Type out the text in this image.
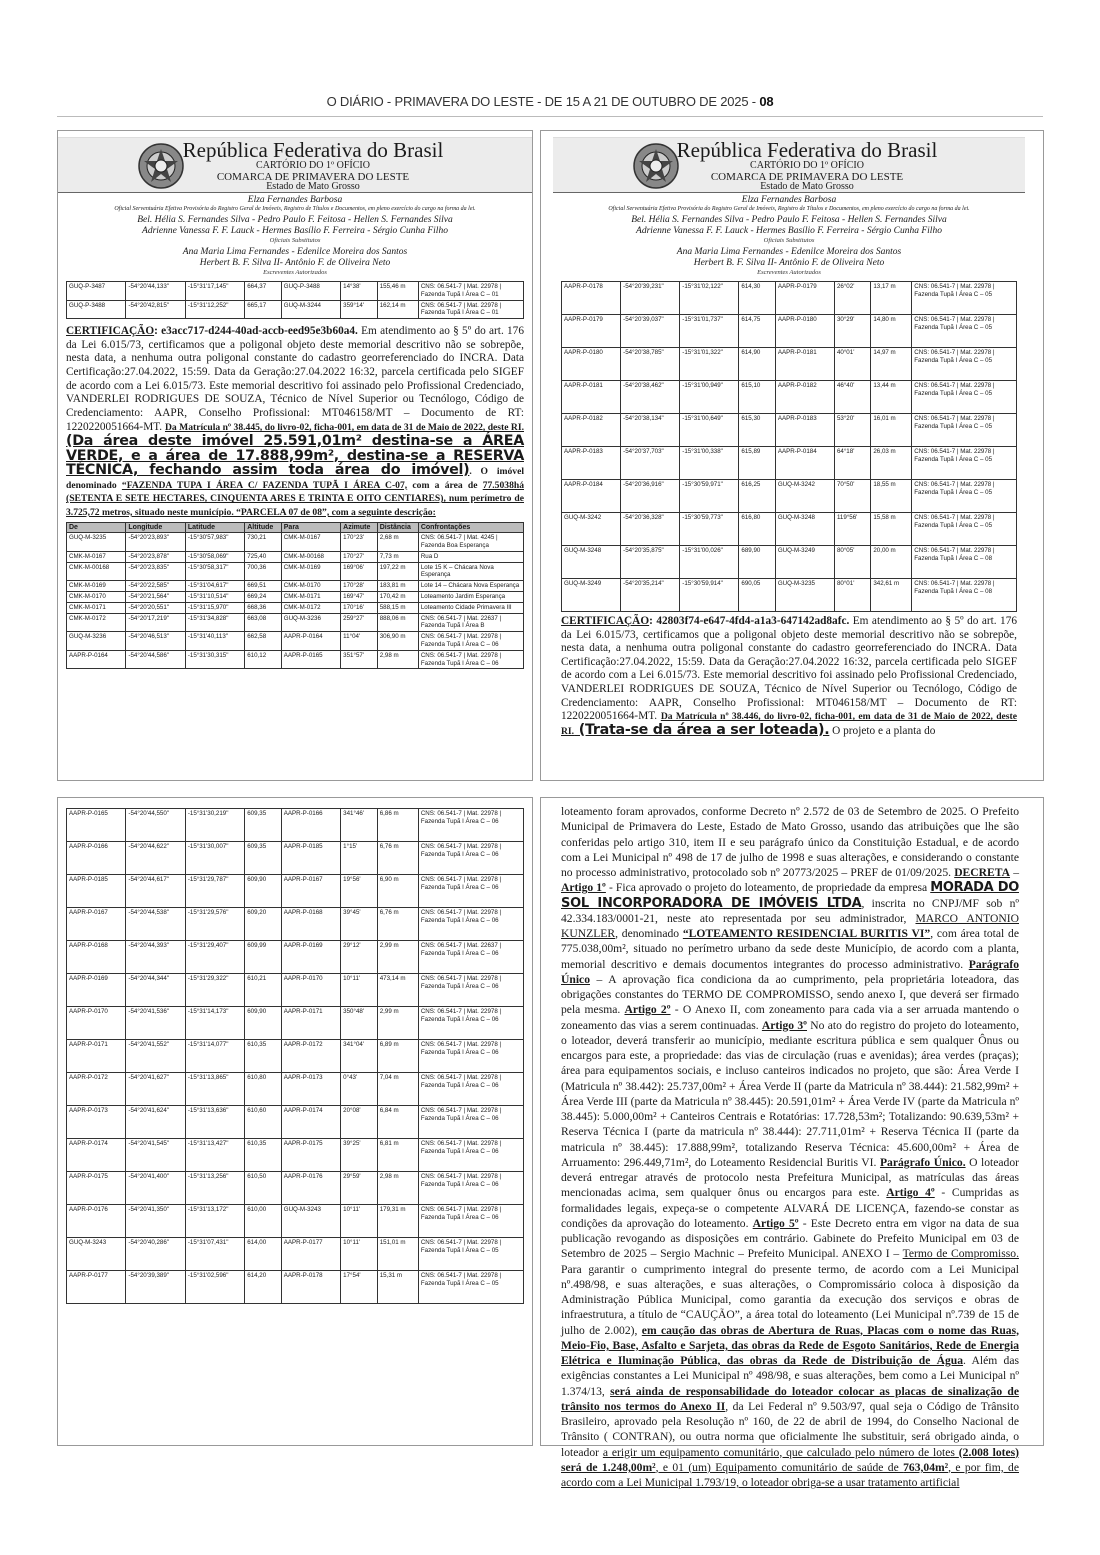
O DIÁRIO - PRIMAVERA DO LESTE - DE 15 A 21 DE OUTUBRO DE 2025 - 08
República Federativa do Brasil
CARTÓRIO DO 1º OFÍCIO
COMARCA DE PRIMAVERA DO LESTE
Estado de Mato Grosso
Elza Fernandes Barbosa
Oficial Serventuária Efetiva Provisória do Registro Geral de Imóveis, Registro de Títulos e Documentos, em pleno exercício do cargo na forma da lei.
Bel. Hélia S. Fernandes Silva - Pedro Paulo F. Feitosa - Hellen S. Fernandes Silva
Adrienne Vanessa F. F. Lauck - Hermes Basílio F. Ferreira - Sérgio Cunha Filho
Oficiais Substitutos
Ana Maria Lima Fernandes - Edenilce Moreira dos Santos
Herbert B. F. Silva II- Antônio F. de Oliveira Neto
Escreventes Autorizados
GUQ-P-3487	-54°20'44,133"	-15°31'17,145"	664,37	GUQ-P-3488	14°38'	155,46 m	CNS: 06.541-7 | Mat. 22978 | Fazenda Tupã I Área C – 01
GUQ-P-3488	-54°20'42,815"	-15°31'12,252"	665,17	GUQ-M-3244	359°14'	162,14 m	CNS: 06.541-7 | Mat. 22978 | Fazenda Tupã I Área C – 01

CERTIFICAÇÃO: e3acc717-d244-40ad-accb-eed95e3b60a4. Em atendimento ao § 5º do art. 176 da Lei 6.015/73, certificamos que a poligonal objeto deste memorial descritivo não se sobrepõe, nesta data, a nenhuma outra poligonal constante do cadastro georreferenciado do INCRA. Data Certificação:27.04.2022, 15:59. Data da Geração:27.04.2022 16:32, parcela certificada pelo SIGEF de acordo com a Lei 6.015/73. Este memorial descritivo foi assinado pelo Profissional Credenciado, VANDERLEI RODRIGUES DE SOUZA, Técnico de Nível Superior ou Tecnólogo, Código de Credenciamento: AAPR, Conselho Profissional: MT046158/MT – Documento de RT: 1220220051664-MT. Da Matrícula nº 38.445, do livro-02, ficha-001, em data de 31 de Maio de 2022, deste RI. (Da área deste imóvel 25.591,01m² destina-se a ÁREA VERDE, e a área de 17.888,99m², destina-se a RESERVA TÉCNICA, fechando assim toda área do imóvel). O imóvel denominado “FAZENDA TUPA I ÁREA C/ FAZENDA TUPÃ I ÁREA C-07, com a área de 77.5038há (SETENTA E SETE HECTARES, CINQUENTA ARES E TRINTA E OITO CENTIARES), num perímetro de 3.725,72 metros, situado neste município. “PARCELA 07 de 08”, com a seguinte descrição:

De	Longitude	Latitude	Altitude	Para	Azimute	Distância	Confrontações
GUQ-M-3235	-54°20'23,893"	-15°30'57,983"	730,21	CMK-M-0167	170°23'	2,68 m	CNS: 06.541-7 | Mat. 4245 | Fazenda Boa Esperança
CMK-M-0167	-54°20'23,878"	-15°30'58,069"	725,40	CMK-M-00168	170°27'	7,73 m	Rua D
CMK-M-00168	-54°20'23,835"	-15°30'58,317"	700,36	CMK-M-0169	169°06'	197,22 m	Lote 15 K – Chácara Nova Esperança
CMK-M-0169	-54°20'22,585"	-15°31'04,617"	669,51	CMK-M-0170	170°28'	183,81 m	Lote 14 – Chácara Nova Esperança
CMK-M-0170	-54°20'21,564"	-15°31'10,514"	669,24	CMK-M-0171	169°47'	170,42 m	Loteamento Jardim Esperança
CMK-M-0171	-54°20'20,551"	-15°31'15,970"	668,36	CMK-M-0172	170°16'	588,15 m	Loteamento Cidade Primavera III
CMK-M-0172	-54°20'17,219"	-15°31'34,828"	663,08	GUQ-M-3236	259°27'	888,06 m	CNS: 06.541-7 | Mat. 22637 | Fazenda Tupã I Área B
GUQ-M-3236	-54°20'46,513"	-15°31'40,113"	662,58	AAPR-P-0164	11°04'	306,90 m	CNS: 06.541-7 | Mat. 22978 | Fazenda Tupã I Área C – 06
AAPR-P-0164	-54°20'44,586"	-15°31'30,315"	610,12	AAPR-P-0165	351°57'	2,98 m	CNS: 06.541-7 | Mat. 22978 | Fazenda Tupã I Área C – 06
República Federativa do Brasil
CARTÓRIO DO 1º OFÍCIO
COMARCA DE PRIMAVERA DO LESTE
Estado de Mato Grosso
Elza Fernandes Barbosa
Oficial Serventuária Efetiva Provisória do Registro Geral de Imóveis, Registro de Títulos e Documentos, em pleno exercício do cargo na forma da lei.
Bel. Hélia S. Fernandes Silva - Pedro Paulo F. Feitosa - Hellen S. Fernandes Silva
Adrienne Vanessa F. F. Lauck - Hermes Basílio F. Ferreira - Sérgio Cunha Filho
Oficiais Substitutos
Ana Maria Lima Fernandes - Edenilce Moreira dos Santos
Herbert B. F. Silva II- Antônio F. de Oliveira Neto
Escreventes Autorizados
AAPR-P-0178	-54°20'39,231"	-15°31'02,122"	614,30	AAPR-P-0179	26°02'	13,17 m	CNS: 06.541-7 | Mat. 22978 | Fazenda Tupã I Área C – 05
AAPR-P-0179	-54°20'39,037"	-15°31'01,737"	614,75	AAPR-P-0180	30°29'	14,80 m	CNS: 06.541-7 | Mat. 22978 | Fazenda Tupã I Área C – 05
AAPR-P-0180	-54°20'38,785"	-15°31'01,322"	614,90	AAPR-P-0181	40°01'	14,97 m	CNS: 06.541-7 | Mat. 22978 | Fazenda Tupã I Área C – 05
AAPR-P-0181	-54°20'38,462"	-15°31'00,949"	615,10	AAPR-P-0182	46°40'	13,44 m	CNS: 06.541-7 | Mat. 22978 | Fazenda Tupã I Área C – 05
AAPR-P-0182	-54°20'38,134"	-15°31'00,649"	615,30	AAPR-P-0183	53°20'	16,01 m	CNS: 06.541-7 | Mat. 22978 | Fazenda Tupã I Área C – 05
AAPR-P-0183	-54°20'37,703"	-15°31'00,338"	615,89	AAPR-P-0184	64°18'	26,03 m	CNS: 06.541-7 | Mat. 22978 | Fazenda Tupã I Área C – 05
AAPR-P-0184	-54°20'36,916"	-15°30'59,971"	616,25	GUQ-M-3242	70°50'	18,55 m	CNS: 06.541-7 | Mat. 22978 | Fazenda Tupã I Área C – 05
GUQ-M-3242	-54°20'36,328"	-15°30'59,773"	616,80	GUQ-M-3248	119°56'	15,58 m	CNS: 06.541-7 | Mat. 22978 | Fazenda Tupã I Área C – 05
GUQ-M-3248	-54°20'35,875"	-15°31'00,026"	689,90	GUQ-M-3249	80°05'	20,00 m	CNS: 06.541-7 | Mat. 22978 | Fazenda Tupã I Área C – 08
GUQ-M-3249	-54°20'35,214"	-15°30'59,914"	690,05	GUQ-M-3235	80°01'	342,61 m	CNS: 06.541-7 | Mat. 22978 | Fazenda Tupã I Área C – 08

CERTIFICAÇÃO: 42803f74-e647-4fd4-a1a3-647142ad8afc. Em atendimento ao § 5º do art. 176 da Lei 6.015/73, certificamos que a poligonal objeto deste memorial descritivo não se sobrepõe, nesta data, a nenhuma outra poligonal constante do cadastro georreferenciado do INCRA. Data Certificação:27.04.2022, 15:59. Data da Geração:27.04.2022 16:32, parcela certificada pelo SIGEF de acordo com a Lei 6.015/73. Este memorial descritivo foi assinado pelo Profissional Credenciado, VANDERLEI RODRIGUES DE SOUZA, Técnico de Nível Superior ou Tecnólogo, Código de Credenciamento: AAPR, Conselho Profissional: MT046158/MT – Documento de RT: 1220220051664-MT. Da Matrícula nº 38.446, do livro-02, ficha-001, em data de 31 de Maio de 2022, deste RI. (Trata-se da área a ser loteada). O projeto e a planta do

AAPR-P-0165	-54°20'44,550"	-15°31'30,219"	609,35	AAPR-P-0166	341°46'	6,86 m	CNS: 06.541-7 | Mat. 22978 | Fazenda Tupã I Área C – 06
AAPR-P-0166	-54°20'44,622"	-15°31'30,007"	609,35	AAPR-P-0185	1°15'	6,76 m	CNS: 06.541-7 | Mat. 22978 | Fazenda Tupã I Área C – 06
AAPR-P-0185	-54°20'44,617"	-15°31'29,787"	609,90	AAPR-P-0167	19°56'	6,90 m	CNS: 06.541-7 | Mat. 22978 | Fazenda Tupã I Área C – 06
AAPR-P-0167	-54°20'44,538"	-15°31'29,576"	609,20	AAPR-P-0168	39°45'	6,76 m	CNS: 06.541-7 | Mat. 22978 | Fazenda Tupã I Área C – 06
AAPR-P-0168	-54°20'44,393"	-15°31'29,407"	609,99	AAPR-P-0169	29°12'	2,99 m	CNS: 06.541-7 | Mat. 22637 | Fazenda Tupã I Área C – 06
AAPR-P-0169	-54°20'44,344"	-15°31'29,322"	610,21	AAPR-P-0170	10°11'	473,14 m	CNS: 06.541-7 | Mat. 22978 | Fazenda Tupã I Área C – 06
AAPR-P-0170	-54°20'41,536"	-15°31'14,173"	609,90	AAPR-P-0171	350°48'	2,99 m	CNS: 06.541-7 | Mat. 22978 | Fazenda Tupã I Área C – 06
AAPR-P-0171	-54°20'41,552"	-15°31'14,077"	610,35	AAPR-P-0172	341°04'	6,89 m	CNS: 06.541-7 | Mat. 22978 | Fazenda Tupã I Área C – 06
AAPR-P-0172	-54°20'41,627"	-15°31'13,865"	610,80	AAPR-P-0173	0°43'	7,04 m	CNS: 06.541-7 | Mat. 22978 | Fazenda Tupã I Área C – 06
AAPR-P-0173	-54°20'41,624"	-15°31'13,636"	610,60	AAPR-P-0174	20°08'	6,84 m	CNS: 06.541-7 | Mat. 22978 | Fazenda Tupã I Área C – 06
AAPR-P-0174	-54°20'41,545"	-15°31'13,427"	610,35	AAPR-P-0175	39°25'	6,81 m	CNS: 06.541-7 | Mat. 22978 | Fazenda Tupã I Área C – 06
AAPR-P-0175	-54°20'41,400"	-15°31'13,256"	610,50	AAPR-P-0176	29°59'	2,98 m	CNS: 06.541-7 | Mat. 22978 | Fazenda Tupã I Área C – 06
AAPR-P-0176	-54°20'41,350"	-15°31'13,172"	610,00	GUQ-M-3243	10°11'	179,31 m	CNS: 06.541-7 | Mat. 22978 | Fazenda Tupã I Área C – 06
GUQ-M-3243	-54°20'40,286"	-15°31'07,431"	614,00	AAPR-P-0177	10°11'	151,01 m	CNS: 06.541-7 | Mat. 22978 | Fazenda Tupã I Área C – 05
AAPR-P-0177	-54°20'39,389"	-15°31'02,596"	614,20	AAPR-P-0178	17°54'	15,31 m	CNS: 06.541-7 | Mat. 22978 | Fazenda Tupã I Área C – 05

loteamento foram aprovados, conforme Decreto nº 2.572 de 03 de Setembro de 2025. O Prefeito Municipal de Primavera do Leste, Estado de Mato Grosso, usando das atribuições que lhe são conferidas pelo artigo 310, item II e seu parágrafo único da Constituição Estadual, e de acordo com a Lei Municipal nº 498 de 17 de julho de 1998 e suas alterações, e considerando o constante no processo administrativo, protocolado sob nº 20773/2025 – PREF de 01/09/2025. DECRETA – Artigo 1º - Fica aprovado o projeto do loteamento, de propriedade da empresa MORADA DO SOL INCORPORADORA DE IMÓVEIS LTDA, inscrita no CNPJ/MF sob nº 42.334.183/0001-21, neste ato representada por seu administrador, MARCO ANTONIO KUNZLER, denominado “LOTEAMENTO RESIDENCIAL BURITIS VI”, com área total de 775.038,00m², situado no perímetro urbano da sede deste Município, de acordo com a planta, memorial descritivo e demais documentos integrantes do processo administrativo. Parágrafo Único – A aprovação fica condiciona da ao cumprimento, pela proprietária loteadora, das obrigações constantes do TERMO DE COMPROMISSO, sendo anexo I, que deverá ser firmado pela mesma. Artigo 2º - O Anexo II, com zoneamento para cada via a ser arruada mantendo o zoneamento das vias a serem continuadas. Artigo 3º No ato do registro do projeto do loteamento, o loteador, deverá transferir ao município, mediante escritura pública e sem qualquer Ônus ou encargos para este, a propriedade: das vias de circulação (ruas e avenidas); área verdes (praças); área para equipamentos sociais, e incluso canteiros indicados no projeto, que são: Área Verde I (Matricula nº 38.442): 25.737,00m² + Área Verde II (parte da Matricula nº 38.444): 21.582,99m² + Área Verde III (parte da Matricula nº 38.445): 20.591,01m² + Área Verde IV (parte da Matricula nº 38.445): 5.000,00m² + Canteiros Centrais e Rotatórias: 17.728,53m²; Totalizando: 90.639,53m² + Reserva Técnica I (parte da matricula nº 38.444): 27.711,01m² + Reserva Técnica II (parte da matricula nº 38.445): 17.888,99m², totalizando Reserva Técnica: 45.600,00m² + Área de Arruamento: 296.449,71m², do Loteamento Residencial Buritis VI. Parágrafo Único. O loteador deverá entregar através de protocolo nesta Prefeitura Municipal, as matrículas das áreas mencionadas acima, sem qualquer ônus ou encargos para este. Artigo 4º - Cumpridas as formalidades legais, expeça-se o competente ALVARÁ DE LICENÇA, fazendo-se constar as condições da aprovação do loteamento. Artigo 5º - Este Decreto entra em vigor na data de sua publicação revogando as disposições em contrário. Gabinete do Prefeito Municipal em 03 de Setembro de 2025 – Sergio Machnic – Prefeito Municipal. ANEXO I – Termo de Compromisso. Para garantir o cumprimento integral do presente termo, de acordo com a Lei Municipal nº.498/98, e suas alterações, e suas alterações, o Compromissário coloca à disposição da Administração Pública Municipal, como garantia da execução dos serviços e obras de infraestrutura, a título de “CAUÇÃO”, a área total do loteamento (Lei Municipal nº.739 de 15 de julho de 2.002), em caução das obras de Abertura de Ruas, Placas com o nome das Ruas, Meio-Fio, Base, Asfalto e Sarjeta, das obras da Rede de Esgoto Sanitários, Rede de Energia Elétrica e Iluminação Pública, das obras da Rede de Distribuição de Água. Além das exigências constantes a Lei Municipal nº 498/98, e suas alterações, bem como a Lei Municipal nº 1.374/13, será ainda de responsabilidade do loteador colocar as placas de sinalização de trânsito nos termos do Anexo II, da Lei Federal nº 9.503/97, qual seja o Código de Trânsito Brasileiro, aprovado pela Resolução nº 160, de 22 de abril de 1994, do Conselho Nacional de Trânsito ( CONTRAN), ou outra norma que oficialmente lhe substituir, será obrigado ainda, o loteador a erigir um equipamento comunitário, que calculado pelo número de lotes (2.008 lotes) será de 1.248,00m², e 01 (um) Equipamento comunitário de saúde de 763,04m², e por fim, de acordo com a Lei Municipal 1.793/19, o loteador obriga-se a usar tratamento artificial
